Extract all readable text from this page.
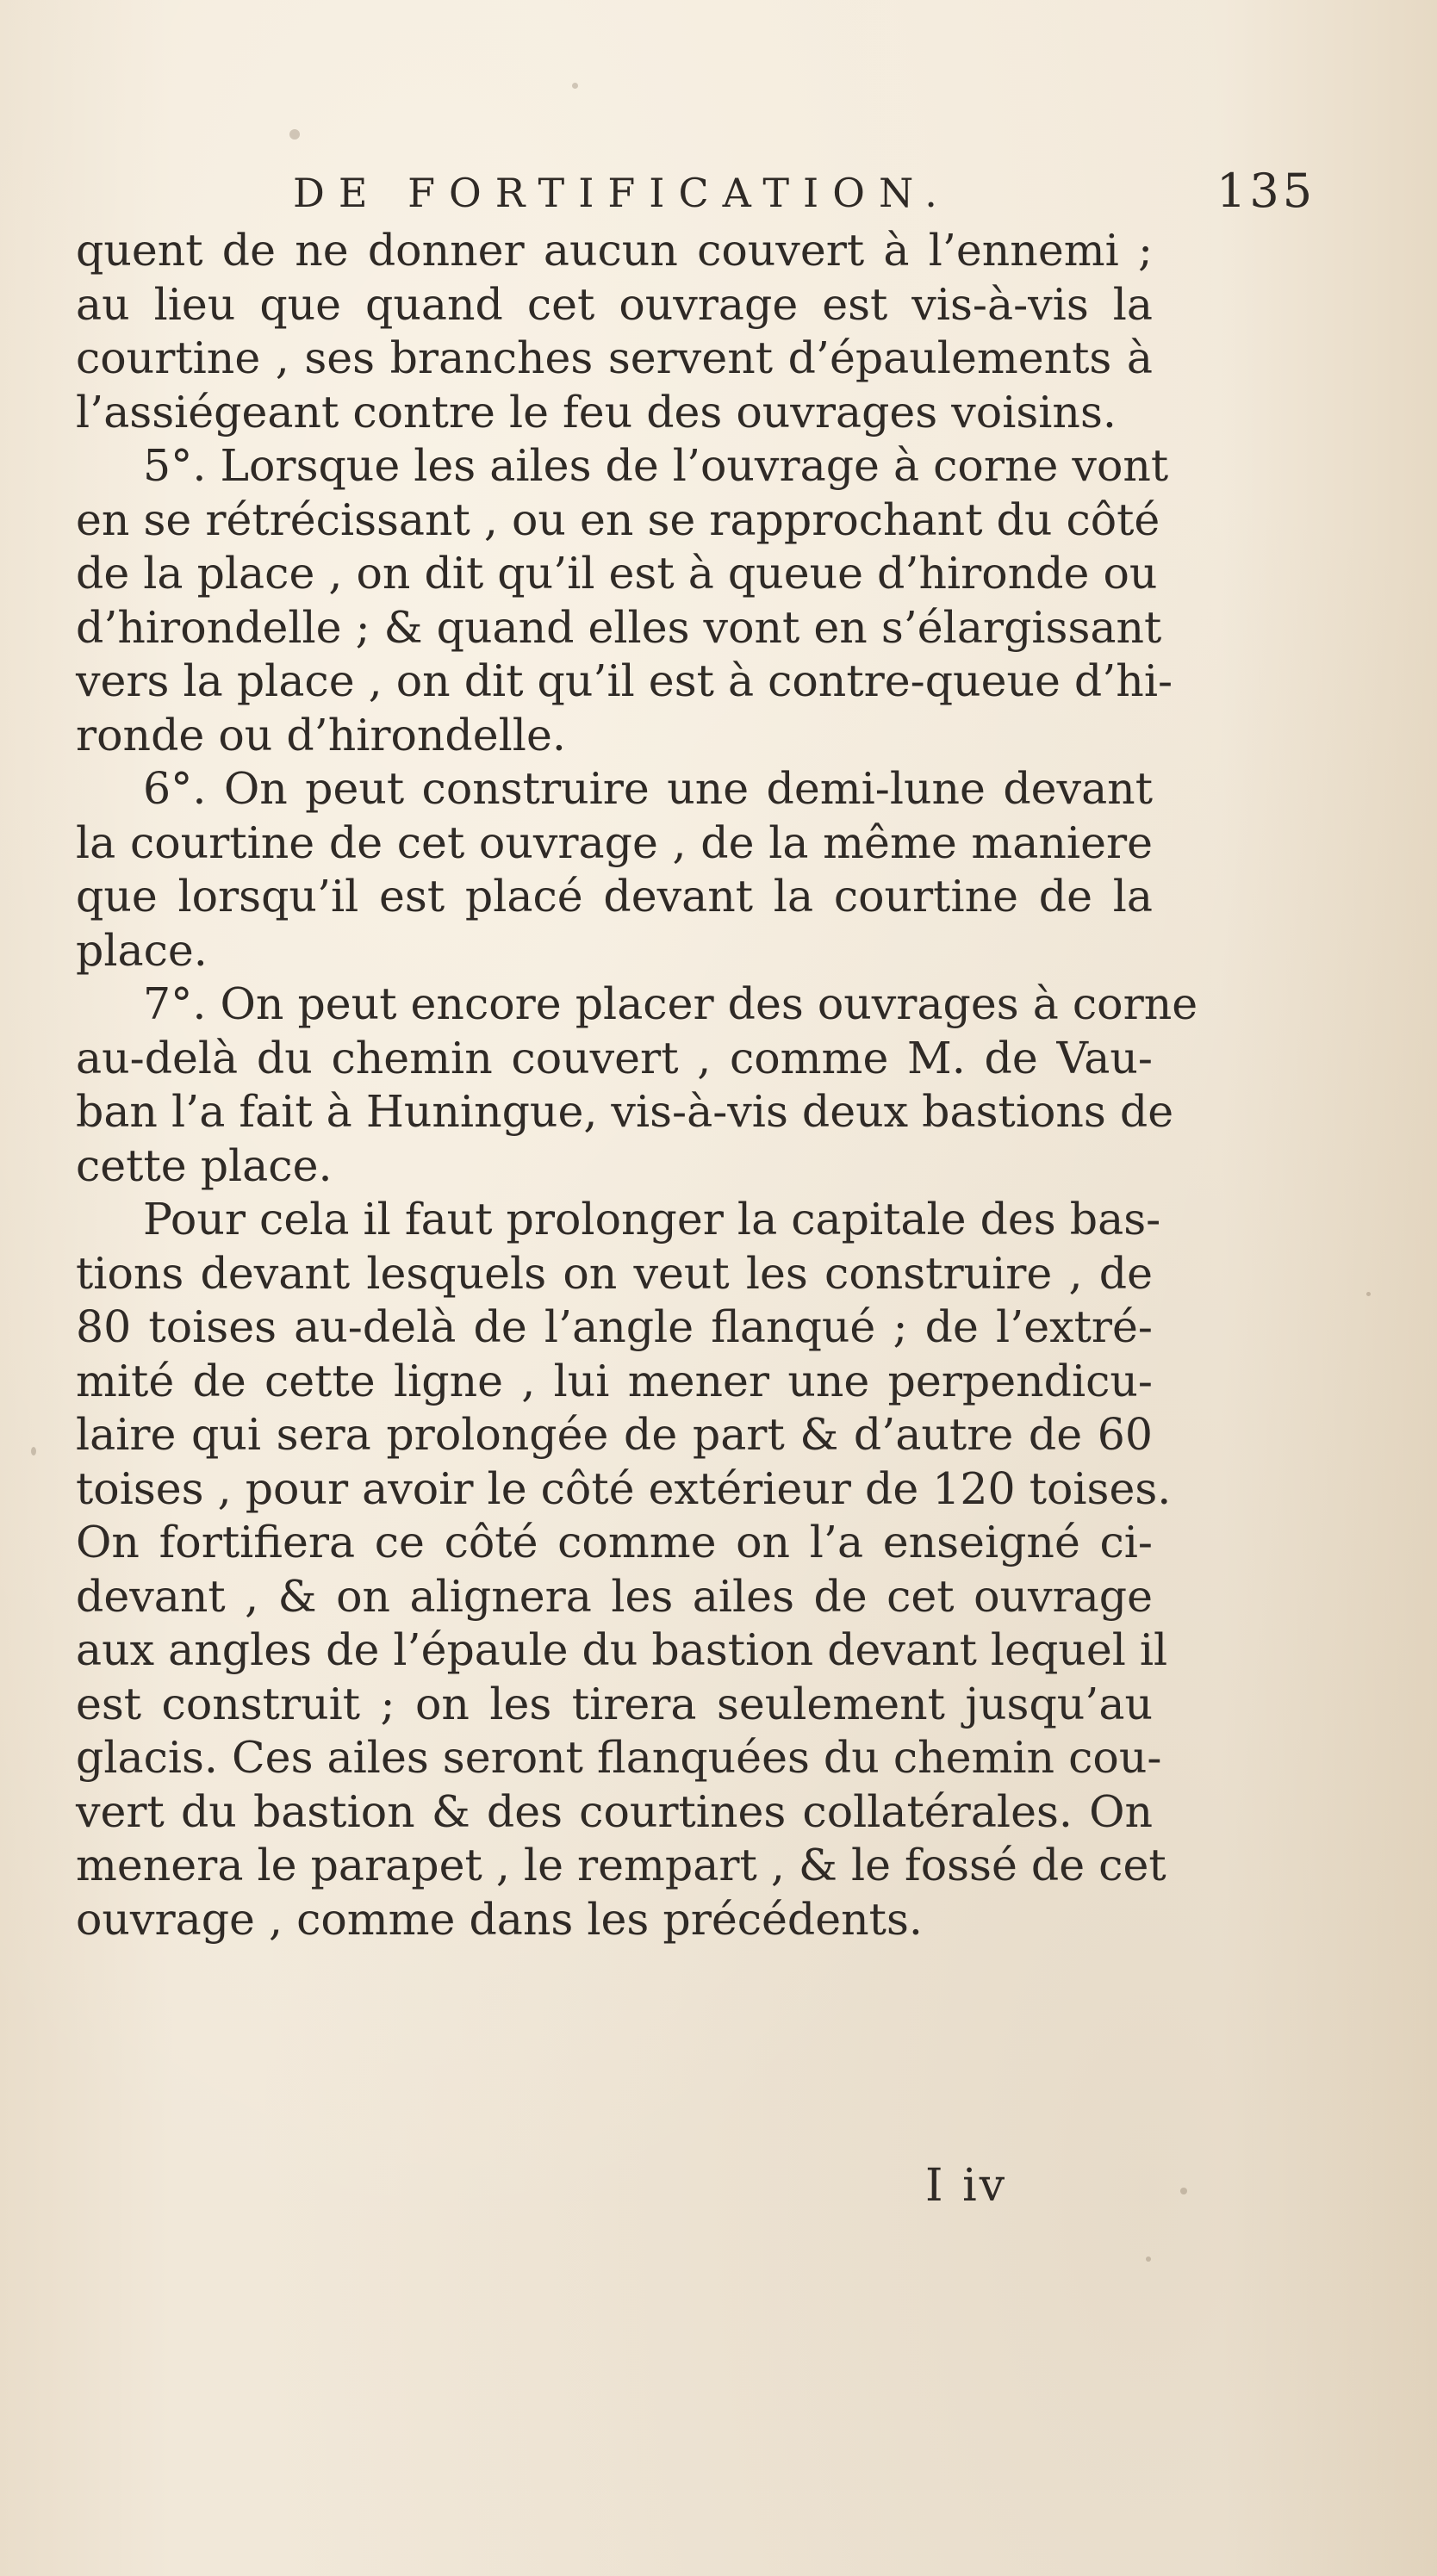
DE FORTIFICATION.	135
quent de ne donner aucun couvert à l’ennemi ;
au lieu que quand cet ouvrage est vis-à-vis la
courtine , ses branches servent d’épaulements à
l’assiégeant contre le feu des ouvrages voisins.
5°. Lorsque les ailes de l’ouvrage à corne vont
en se rétrécissant , ou en se rapprochant du côté
de la place , on dit qu’il est à queue d’hironde ou
d’hirondelle ; & quand elles vont en s’élargissant
vers la place , on dit qu’il est à contre-queue d’hi-
ronde ou d’hirondelle.
6°. On peut construire une demi-lune devant
la courtine de cet ouvrage , de la même maniere
que lorsqu’il est placé devant la courtine de la
place.
7°. On peut encore placer des ouvrages à corne
au-delà du chemin couvert , comme M. de Vau-
ban l’a fait à Huningue, vis-à-vis deux bastions de
cette place.
Pour cela il faut prolonger la capitale des bas-
tions devant lesquels on veut les construire , de
80 toises au-delà de l’angle flanqué ; de l’extré-
mité de cette ligne , lui mener une perpendicu-
laire qui sera prolongée de part & d’autre de 60
toises , pour avoir le côté extérieur de 120 toises.
On fortifiera ce côté comme on l’a enseigné ci-
devant , & on alignera les ailes de cet ouvrage
aux angles de l’épaule du bastion devant lequel il
est construit ; on les tirera seulement jusqu’au
glacis. Ces ailes seront flanquées du chemin cou-
vert du bastion & des courtines collatérales. On
menera le parapet , le rempart , & le fossé de cet
ouvrage , comme dans les précédents.
I iv
